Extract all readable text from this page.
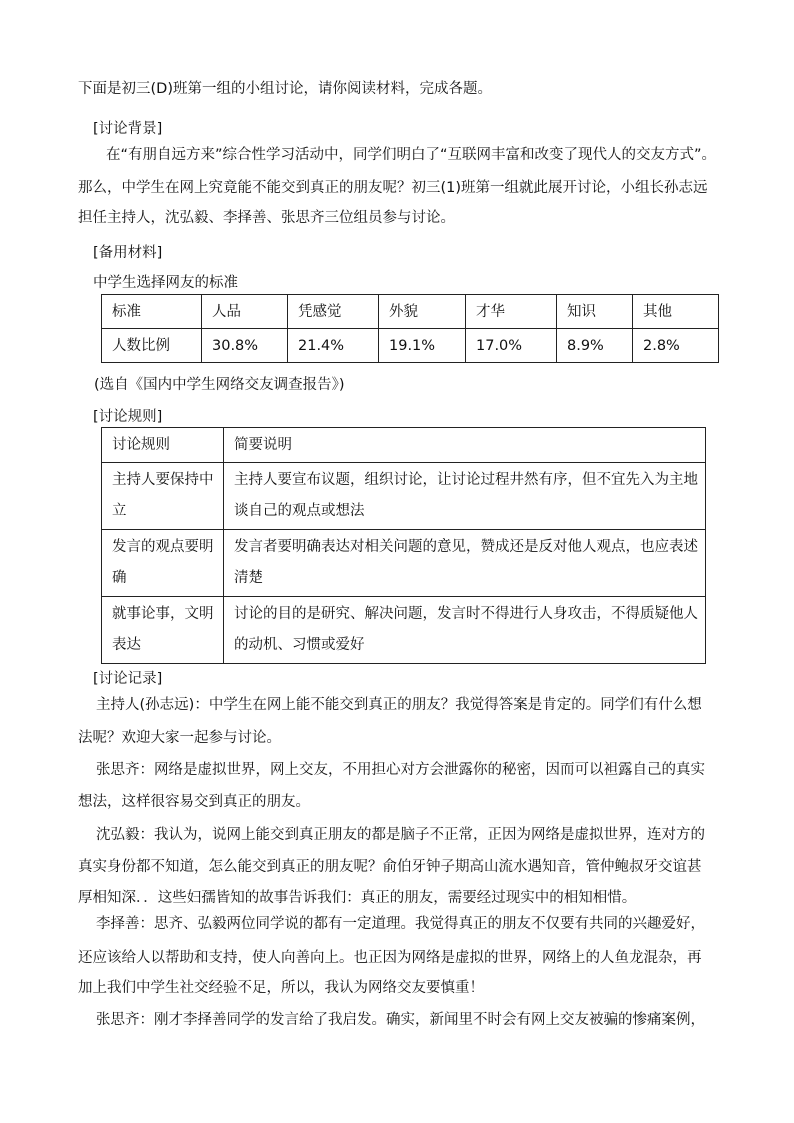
下面是初三(D)班第一组的小组讨论，请你阅读材料，完成各题。
[讨论背景]
在“有朋自远方来”综合性学习活动中，同学们明白了“互联网丰富和改变了现代人的交友方式”。
那么，中学生在网上究竟能不能交到真正的朋友呢？初三(1)班第一组就此展开讨论，小组长孙志远
担任主持人，沈弘毅、李择善、张思齐三位组员参与讨论。
[备用材料]
中学生选择网友的标准
标准	人品	凭感觉	外貌	才华	知识	其他
人数比例	30.8%	21.4%	19.1%	17.0%	8.9%	2.8%
(选自《国内中学生网络交友调查报告》)
[讨论规则]
讨论规则	简要说明
主持人要保持中立	主持人要宣布议题，组织讨论，让讨论过程井然有序，但不宜先入为主地谈自己的观点或想法
发言的观点要明确	发言者要明确表达对相关问题的意见，赞成还是反对他人观点，也应表述清楚
就事论事，文明表达	讨论的目的是研究、解决问题，发言时不得进行人身攻击，不得质疑他人的动机、习惯或爱好
[讨论记录]
主持人(孙志远)：中学生在网上能不能交到真正的朋友？我觉得答案是肯定的。同学们有什么想
法呢？欢迎大家一起参与讨论。
张思齐：网络是虚拟世界，网上交友，不用担心对方会泄露你的秘密，因而可以袒露自己的真实
想法，这样很容易交到真正的朋友。
沈弘毅：我认为，说网上能交到真正朋友的都是脑子不正常，正因为网络是虚拟世界，连对方的
真实身份都不知道，怎么能交到真正的朋友呢？俞伯牙钟子期高山流水遇知音，管仲鲍叔牙交谊甚
厚相知深．．这些妇孺皆知的故事告诉我们：真正的朋友，需要经过现实中的相知相惜。
李择善：思齐、弘毅两位同学说的都有一定道理。我觉得真正的朋友不仅要有共同的兴趣爱好，
还应该给人以帮助和支持，使人向善向上。也正因为网络是虚拟的世界，网络上的人鱼龙混杂，再
加上我们中学生社交经验不足，所以，我认为网络交友要慎重！
张思齐：刚才李择善同学的发言给了我启发。确实，新闻里不时会有网上交友被骗的惨痛案例，
